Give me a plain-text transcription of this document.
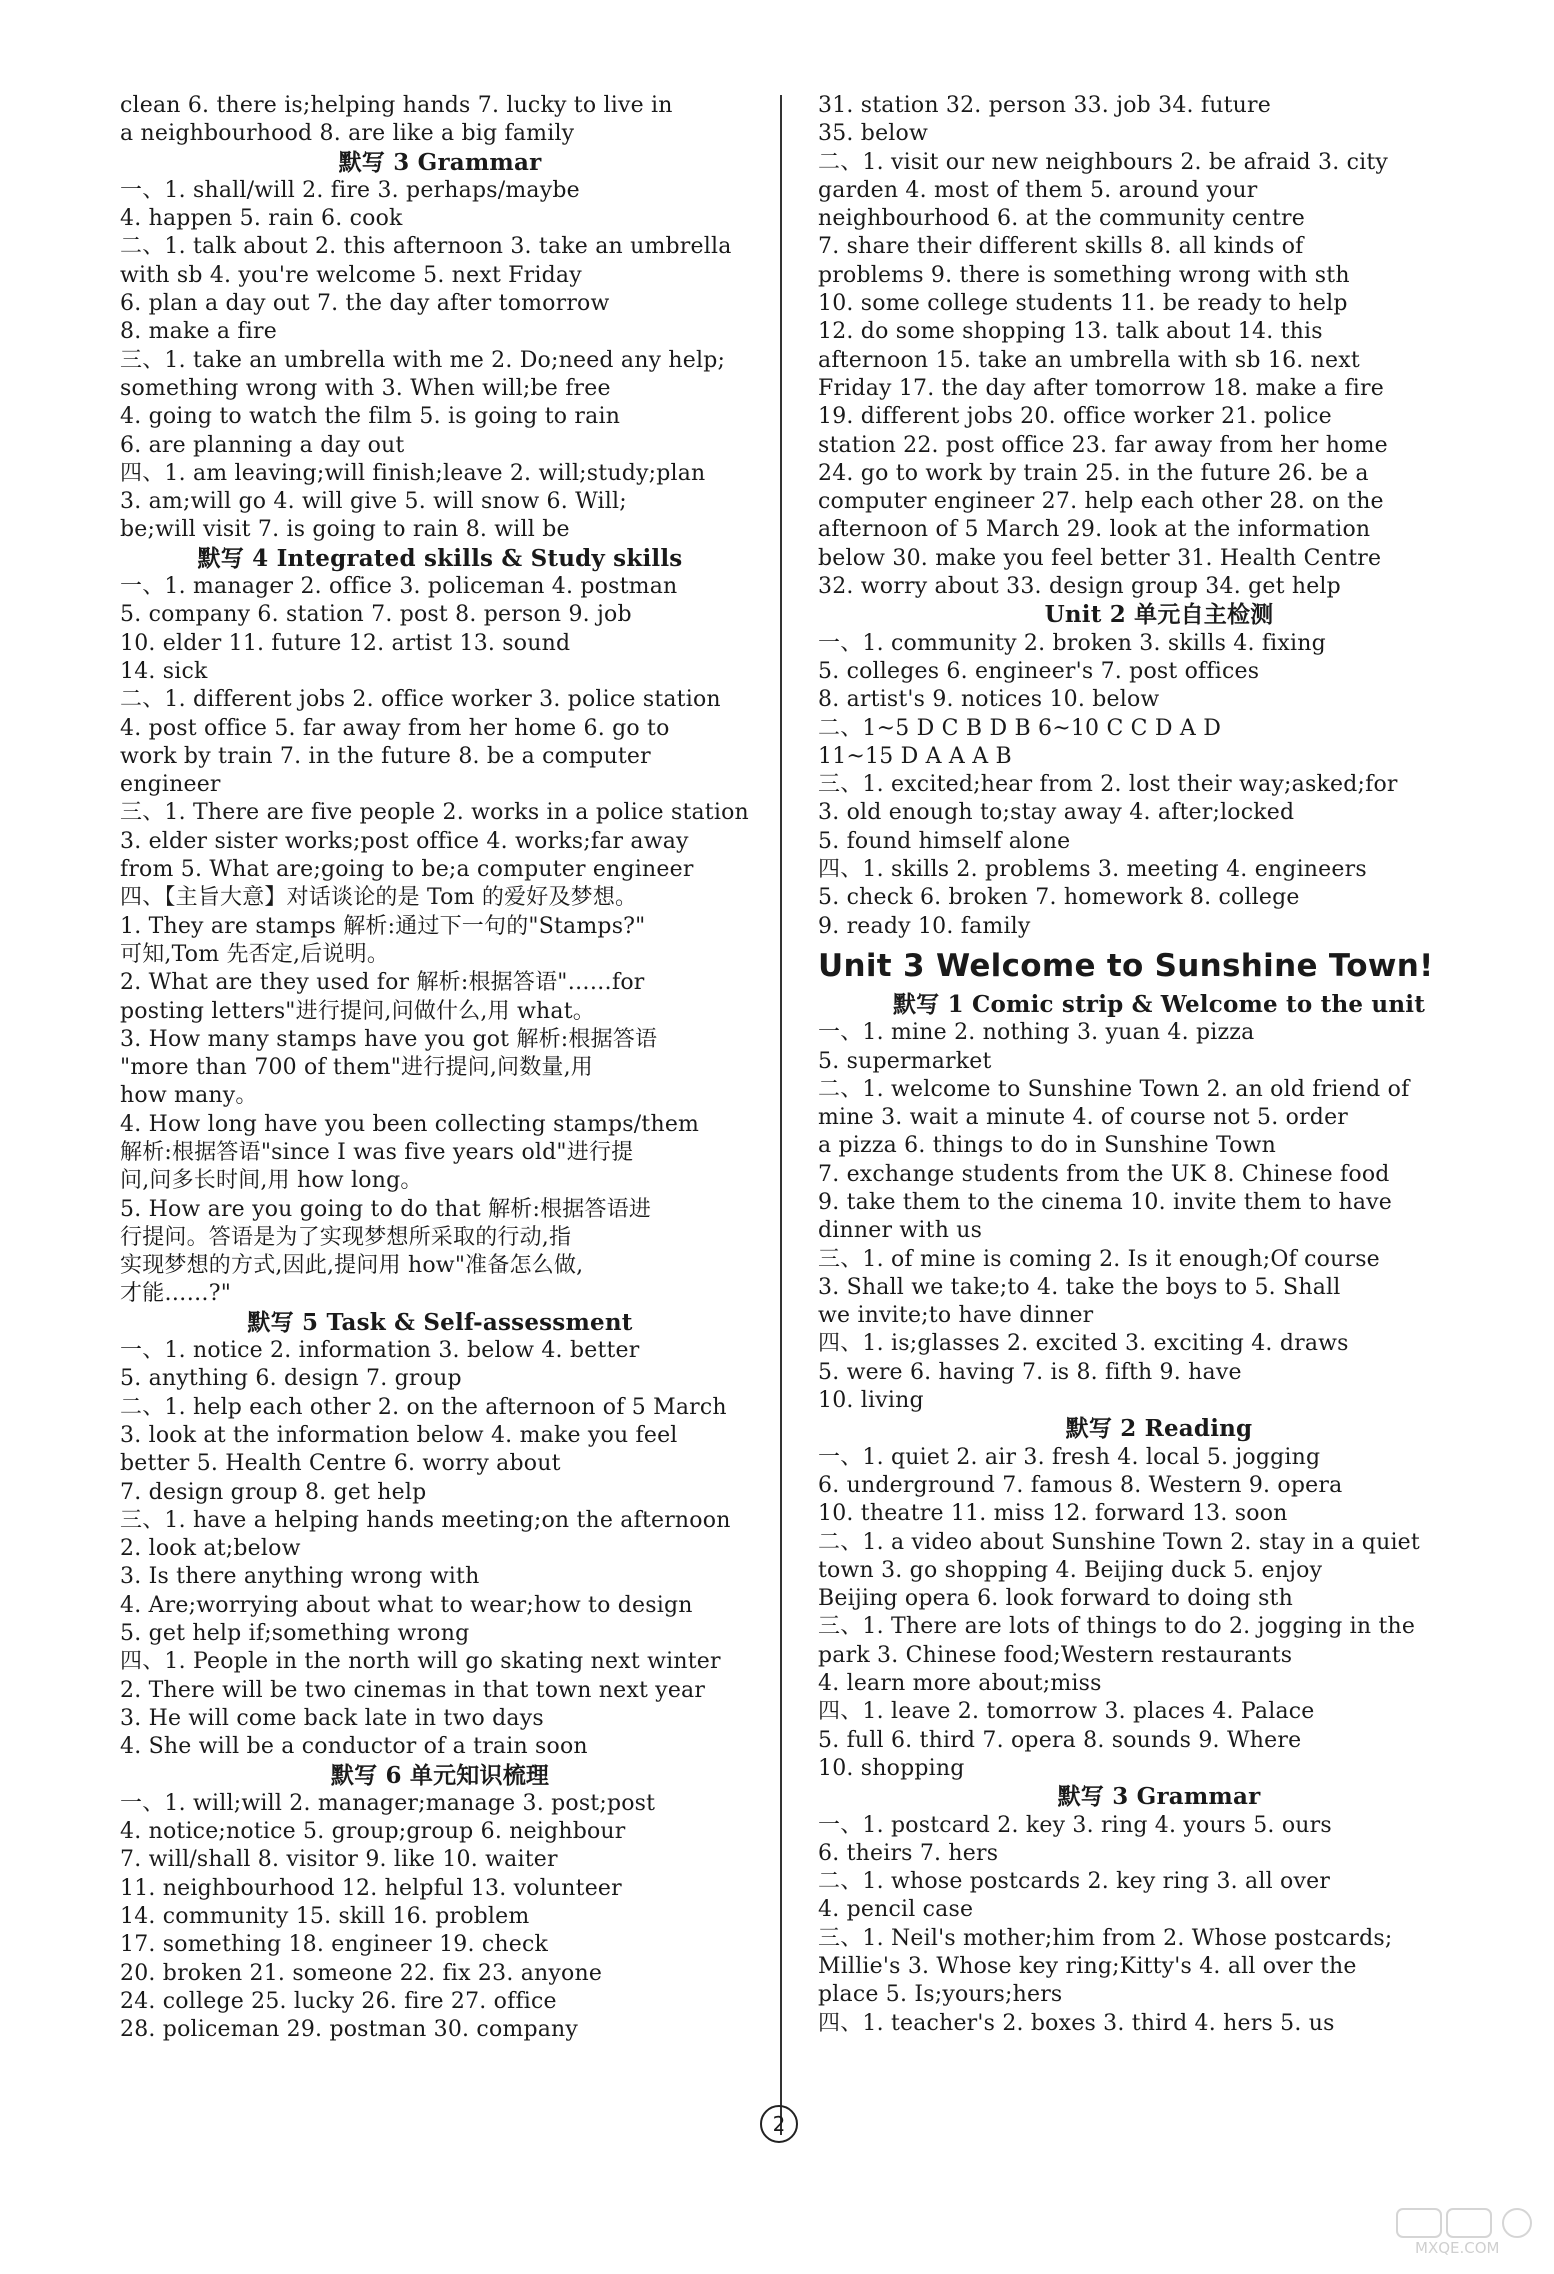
clean 6. there is;helping hands 7. lucky to live in
a neighbourhood 8. are like a big family
默写 3 Grammar
一、1. shall/will 2. fire 3. perhaps/maybe
4. happen 5. rain 6. cook
二、1. talk about 2. this afternoon 3. take an umbrella
with sb 4. you're welcome 5. next Friday
6. plan a day out 7. the day after tomorrow
8. make a fire
三、1. take an umbrella with me 2. Do;need any help;
something wrong with 3. When will;be free
4. going to watch the film 5. is going to rain
6. are planning a day out
四、1. am leaving;will finish;leave 2. will;study;plan
3. am;will go 4. will give 5. will snow 6. Will;
be;will visit 7. is going to rain 8. will be
默写 4 Integrated skills & Study skills
一、1. manager 2. office 3. policeman 4. postman
5. company 6. station 7. post 8. person 9. job
10. elder 11. future 12. artist 13. sound
14. sick
二、1. different jobs 2. office worker 3. police station
4. post office 5. far away from her home 6. go to
work by train 7. in the future 8. be a computer
engineer
三、1. There are five people 2. works in a police station
3. elder sister works;post office 4. works;far away
from 5. What are;going to be;a computer engineer
四、【主旨大意】对话谈论的是 Tom 的爱好及梦想。
1. They are stamps 解析:通过下一句的"Stamps?"
可知,Tom 先否定,后说明。
2. What are they used for 解析:根据答语"……for
posting letters"进行提问,问做什么,用 what。
3. How many stamps have you got 解析:根据答语
"more than 700 of them"进行提问,问数量,用
how many。
4. How long have you been collecting stamps/them
解析:根据答语"since I was five years old"进行提
问,问多长时间,用 how long。
5. How are you going to do that 解析:根据答语进
行提问。答语是为了实现梦想所采取的行动,指
实现梦想的方式,因此,提问用 how"准备怎么做,
才能……?"
默写 5 Task & Self-assessment
一、1. notice 2. information 3. below 4. better
5. anything 6. design 7. group
二、1. help each other 2. on the afternoon of 5 March
3. look at the information below 4. make you feel
better 5. Health Centre 6. worry about
7. design group 8. get help
三、1. have a helping hands meeting;on the afternoon
2. look at;below
3. Is there anything wrong with
4. Are;worrying about what to wear;how to design
5. get help if;something wrong
四、1. People in the north will go skating next winter
2. There will be two cinemas in that town next year
3. He will come back late in two days
4. She will be a conductor of a train soon
默写 6 单元知识梳理
一、1. will;will 2. manager;manage 3. post;post
4. notice;notice 5. group;group 6. neighbour
7. will/shall 8. visitor 9. like 10. waiter
11. neighbourhood 12. helpful 13. volunteer
14. community 15. skill 16. problem
17. something 18. engineer 19. check
20. broken 21. someone 22. fix 23. anyone
24. college 25. lucky 26. fire 27. office
28. policeman 29. postman 30. company
31. station 32. person 33. job 34. future
35. below
二、1. visit our new neighbours 2. be afraid 3. city
garden 4. most of them 5. around your
neighbourhood 6. at the community centre
7. share their different skills 8. all kinds of
problems 9. there is something wrong with sth
10. some college students 11. be ready to help
12. do some shopping 13. talk about 14. this
afternoon 15. take an umbrella with sb 16. next
Friday 17. the day after tomorrow 18. make a fire
19. different jobs 20. office worker 21. police
station 22. post office 23. far away from her home
24. go to work by train 25. in the future 26. be a
computer engineer 27. help each other 28. on the
afternoon of 5 March 29. look at the information
below 30. make you feel better 31. Health Centre
32. worry about 33. design group 34. get help
Unit 2 单元自主检测
一、1. community 2. broken 3. skills 4. fixing
5. colleges 6. engineer's 7. post offices
8. artist's 9. notices 10. below
二、1~5 D C B D B 6~10 C C D A D
11~15 D A A A B
三、1. excited;hear from 2. lost their way;asked;for
3. old enough to;stay away 4. after;locked
5. found himself alone
四、1. skills 2. problems 3. meeting 4. engineers
5. check 6. broken 7. homework 8. college
9. ready 10. family
Unit 3 Welcome to Sunshine Town!
默写 1 Comic strip & Welcome to the unit
一、1. mine 2. nothing 3. yuan 4. pizza
5. supermarket
二、1. welcome to Sunshine Town 2. an old friend of
mine 3. wait a minute 4. of course not 5. order
a pizza 6. things to do in Sunshine Town
7. exchange students from the UK 8. Chinese food
9. take them to the cinema 10. invite them to have
dinner with us
三、1. of mine is coming 2. Is it enough;Of course
3. Shall we take;to 4. take the boys to 5. Shall
we invite;to have dinner
四、1. is;glasses 2. excited 3. exciting 4. draws
5. were 6. having 7. is 8. fifth 9. have
10. living
默写 2 Reading
一、1. quiet 2. air 3. fresh 4. local 5. jogging
6. underground 7. famous 8. Western 9. opera
10. theatre 11. miss 12. forward 13. soon
二、1. a video about Sunshine Town 2. stay in a quiet
town 3. go shopping 4. Beijing duck 5. enjoy
Beijing opera 6. look forward to doing sth
三、1. There are lots of things to do 2. jogging in the
park 3. Chinese food;Western restaurants
4. learn more about;miss
四、1. leave 2. tomorrow 3. places 4. Palace
5. full 6. third 7. opera 8. sounds 9. Where
10. shopping
默写 3 Grammar
一、1. postcard 2. key 3. ring 4. yours 5. ours
6. theirs 7. hers
二、1. whose postcards 2. key ring 3. all over
4. pencil case
三、1. Neil's mother;him from 2. Whose postcards;
Millie's 3. Whose key ring;Kitty's 4. all over the
place 5. Is;yours;hers
四、1. teacher's 2. boxes 3. third 4. hers 5. us
2
MXQE.COM
